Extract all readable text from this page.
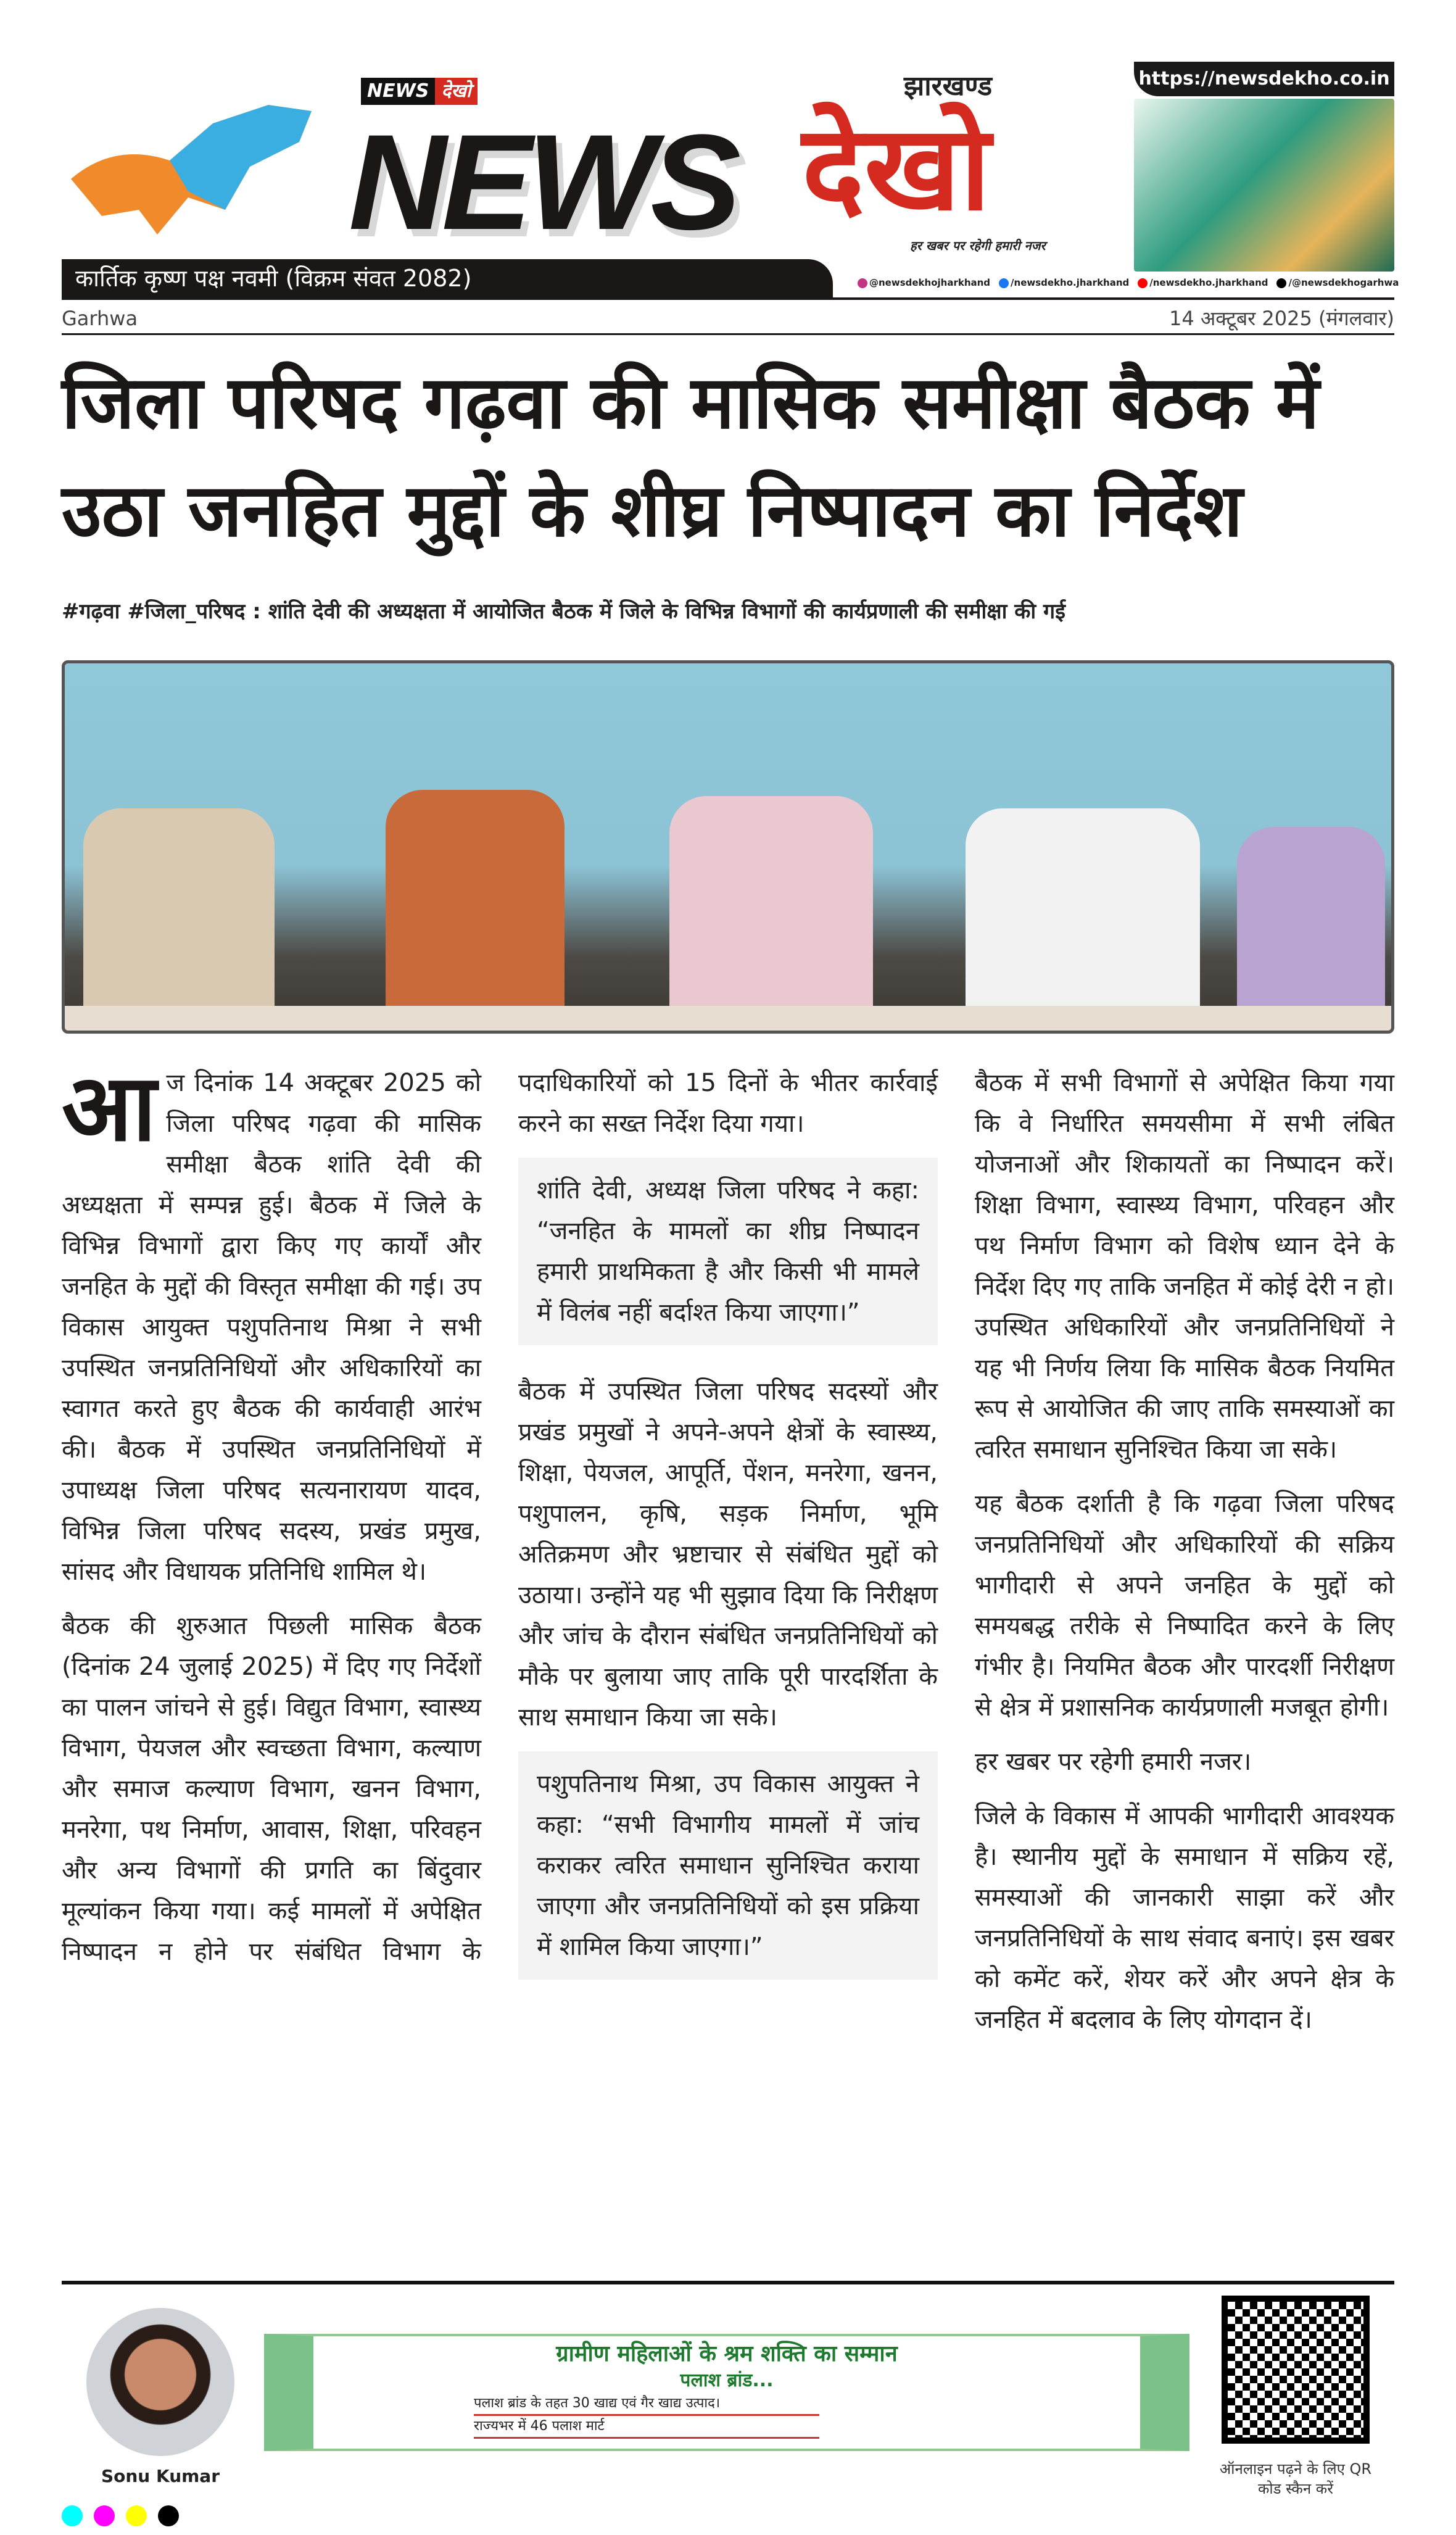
https://newsdekho.co.in
NEWS देखो
NEWS
झारखण्ड
देखो
हर खबर पर रहेगी हमारी नजर
कार्तिक कृष्ण पक्ष नवमी (विक्रम संवत 2082)	@newsdekhojharkhand	/newsdekho.jharkhand	/newsdekho.jharkhand	/@newsdekhogarhwa
Garhwa	14 अक्टूबर 2025 (मंगलवार)
जिला परिषद गढ़वा की मासिक समीक्षा बैठक में उठा जनहित मुद्दों के शीघ्र निष्पादन का निर्देश
#गढ़वा #जिला_परिषद : शांति देवी की अध्यक्षता में आयोजित बैठक में जिले के विभिन्न विभागों की कार्यप्रणाली की समीक्षा की गई

आज दिनांक 14 अक्टूबर 2025 को जिला परिषद गढ़वा की मासिक समीक्षा बैठक शांति देवी की अध्यक्षता में सम्पन्न हुई। बैठक में जिले के विभिन्न विभागों द्वारा किए गए कार्यों और जनहित के मुद्दों की विस्तृत समीक्षा की गई। उप विकास आयुक्त पशुपतिनाथ मिश्रा ने सभी उपस्थित जनप्रतिनिधियों और अधिकारियों का स्वागत करते हुए बैठक की कार्यवाही आरंभ की। बैठक में उपस्थित जनप्रतिनिधियों में उपाध्यक्ष जिला परिषद सत्यनारायण यादव, विभिन्न जिला परिषद सदस्य, प्रखंड प्रमुख, सांसद और विधायक प्रतिनिधि शामिल थे।

बैठक की शुरुआत पिछली मासिक बैठक (दिनांक 24 जुलाई 2025) में दिए गए निर्देशों का पालन जांचने से हुई। विद्युत विभाग, स्वास्थ्य विभाग, पेयजल और स्वच्छता विभाग, कल्याण और समाज कल्याण विभाग, खनन विभाग, मनरेगा, पथ निर्माण, आवास, शिक्षा, परिवहन और अन्य विभागों की प्रगति का बिंदुवार मूल्यांकन किया गया। कई मामलों में अपेक्षित निष्पादन न होने पर संबंधित विभाग के पदाधिकारियों को 15 दिनों के भीतर कार्रवाई करने का सख्त निर्देश दिया गया।

शांति देवी, अध्यक्ष जिला परिषद ने कहा: “जनहित के मामलों का शीघ्र निष्पादन हमारी प्राथमिकता है और किसी भी मामले में विलंब नहीं बर्दाश्त किया जाएगा।”

बैठक में उपस्थित जिला परिषद सदस्यों और प्रखंड प्रमुखों ने अपने-अपने क्षेत्रों के स्वास्थ्य, शिक्षा, पेयजल, आपूर्ति, पेंशन, मनरेगा, खनन, पशुपालन, कृषि, सड़क निर्माण, भूमि अतिक्रमण और भ्रष्टाचार से संबंधित मुद्दों को उठाया। उन्होंने यह भी सुझाव दिया कि निरीक्षण और जांच के दौरान संबंधित जनप्रतिनिधियों को मौके पर बुलाया जाए ताकि पूरी पारदर्शिता के साथ समाधान किया जा सके।

पशुपतिनाथ मिश्रा, उप विकास आयुक्त ने कहा: “सभी विभागीय मामलों में जांच कराकर त्वरित समाधान सुनिश्चित कराया जाएगा और जनप्रतिनिधियों को इस प्रक्रिया में शामिल किया जाएगा।”

बैठक में सभी विभागों से अपेक्षित किया गया कि वे निर्धारित समयसीमा में सभी लंबित योजनाओं और शिकायतों का निष्पादन करें। शिक्षा विभाग, स्वास्थ्य विभाग, परिवहन और पथ निर्माण विभाग को विशेष ध्यान देने के निर्देश दिए गए ताकि जनहित में कोई देरी न हो। उपस्थित अधिकारियों और जनप्रतिनिधियों ने यह भी निर्णय लिया कि मासिक बैठक नियमित रूप से आयोजित की जाए ताकि समस्याओं का त्वरित समाधान सुनिश्चित किया जा सके।

यह बैठक दर्शाती है कि गढ़वा जिला परिषद जनप्रतिनिधियों और अधिकारियों की सक्रिय भागीदारी से अपने जनहित के मुद्दों को समयबद्ध तरीके से निष्पादित करने के लिए गंभीर है। नियमित बैठक और पारदर्शी निरीक्षण से क्षेत्र में प्रशासनिक कार्यप्रणाली मजबूत होगी।

हर खबर पर रहेगी हमारी नजर।

जिले के विकास में आपकी भागीदारी आवश्यक है। स्थानीय मुद्दों के समाधान में सक्रिय रहें, समस्याओं की जानकारी साझा करें और जनप्रतिनिधियों के साथ संवाद बनाएं। इस खबर को कमेंट करें, शेयर करें और अपने क्षेत्र के जनहित में बदलाव के लिए योगदान दें।

Sonu Kumar
ग्रामीण महिलाओं के श्रम शक्ति का सम्मान
पलाश ब्रांड...
पलाश ब्रांड के तहत 30 खाद्य एवं गैर खाद्य उत्पाद।
राज्यभर में 46 पलाश मार्ट
ऑनलाइन पढ़ने के लिए QR कोड स्कैन करें
